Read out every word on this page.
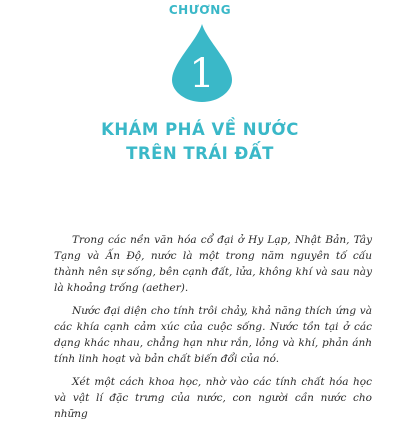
CHƯƠNG
1
KHÁM PHÁ VỀ NƯỚC
TRÊN TRÁI ĐẤT

Trong các nền văn hóa cổ đại ở Hy Lạp, Nhật Bản, Tây Tạng và Ấn Độ, nước là một trong năm nguyên tố cấu thành nên sự sống, bên cạnh đất, lửa, không khí và sau này là khoảng trống (aether).

Nước đại diện cho tính trôi chảy, khả năng thích ứng và các khía cạnh cảm xúc của cuộc sống. Nước tồn tại ở các dạng khác nhau, chẳng hạn như rắn, lỏng và khí, phản ánh tính linh hoạt và bản chất biến đổi của nó.

Xét một cách khoa học, nhờ vào các tính chất hóa học và vật lí đặc trưng của nước, con người cần nước cho những
